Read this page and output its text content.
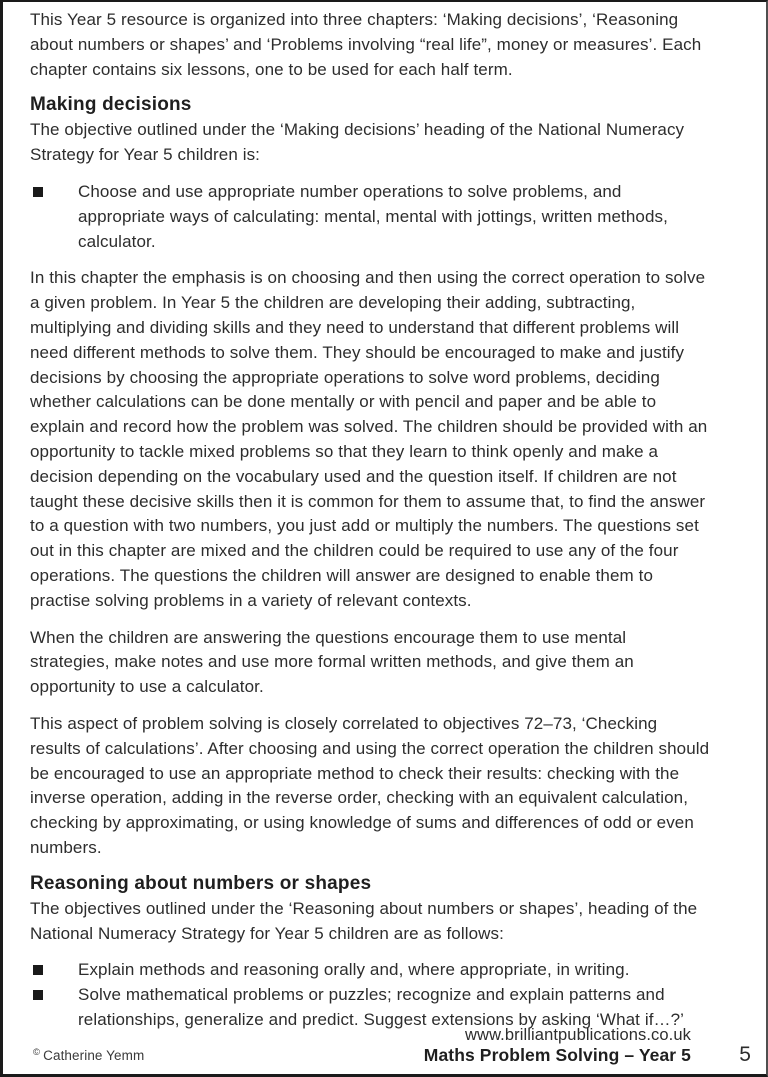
This Year 5 resource is organized into three chapters: ‘Making decisions’, ‘Reasoning about numbers or shapes’ and ‘Problems involving “real life”, money or measures’. Each chapter contains six lessons, one to be used for each half term.

Making decisions

The objective outlined under the ‘Making decisions’ heading of the National Numeracy Strategy for Year 5 children is:

Choose and use appropriate number operations to solve problems, and appropriate ways of calculating: mental, mental with jottings, written methods, calculator.

In this chapter the emphasis is on choosing and then using the correct operation to solve a given problem. In Year 5 the children are developing their adding, subtracting, multiplying and dividing skills and they need to understand that different problems will need different methods to solve them. They should be encouraged to make and justify decisions by choosing the appropriate operations to solve word problems, deciding whether calculations can be done mentally or with pencil and paper and be able to explain and record how the problem was solved. The children should be provided with an opportunity to tackle mixed problems so that they learn to think openly and make a decision depending on the vocabulary used and the question itself. If children are not taught these decisive skills then it is common for them to assume that, to find the answer to a question with two numbers, you just add or multiply the numbers. The questions set out in this chapter are mixed and the children could be required to use any of the four operations. The questions the children will answer are designed to enable them to practise solving problems in a variety of relevant contexts.

When the children are answering the questions encourage them to use mental strategies, make notes and use more formal written methods, and give them an opportunity to use a calculator.

This aspect of problem solving is closely correlated to objectives 72–73, ‘Checking results of calculations’. After choosing and using the correct operation the children should be encouraged to use an appropriate method to check their results: checking with the inverse operation, adding in the reverse order, checking with an equivalent calculation, checking by approximating, or using knowledge of sums and differences of odd or even numbers.

Reasoning about numbers or shapes

The objectives outlined under the ‘Reasoning about numbers or shapes’, heading of the National Numeracy Strategy for Year 5 children are as follows:

Explain methods and reasoning orally and, where appropriate, in writing.
Solve mathematical problems or puzzles; recognize and explain patterns and relationships, generalize and predict. Suggest extensions by asking ‘What if…?’
© Catherine Yemm
www.brilliantpublications.co.uk
Maths Problem Solving – Year 5	5
